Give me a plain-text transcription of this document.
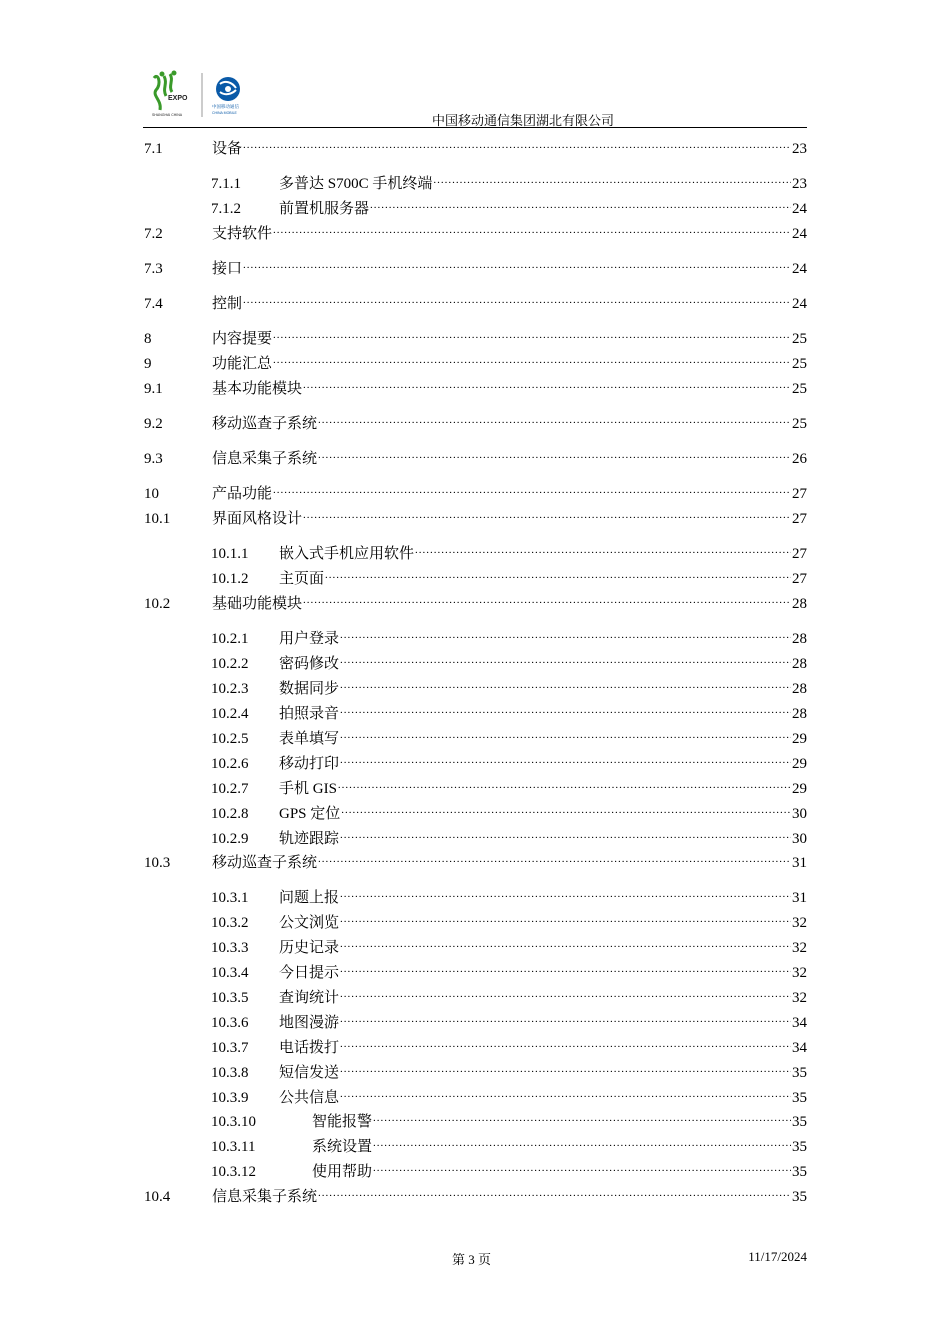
EXPO
SHANGHAI CHINA
中国移动通信
CHINA MOBILE	中国移动通信集团湖北有限公司
7.1	设备 .....	23
7.1.1	多普达 S700C 手机终端 .....	23
7.1.2	前置机服务器 .....	24
7.2	支持软件 .....	24
7.3	接口 .....	24
7.4	控制 .....	24
8	内容提要 .....	25
9	功能汇总 .....	25
9.1	基本功能模块 .....	25
9.2	移动巡查子系统 .....	25
9.3	信息采集子系统 .....	26
10	产品功能 .....	27
10.1	界面风格设计 .....	27
10.1.1	嵌入式手机应用软件 .....	27
10.1.2	主页面 .....	27
10.2	基础功能模块 .....	28
10.2.1	用户登录 .....	28
10.2.2	密码修改 .....	28
10.2.3	数据同步 .....	28
10.2.4	拍照录音 .....	28
10.2.5	表单填写 .....	29
10.2.6	移动打印 .....	29
10.2.7	手机 GIS .....	29
10.2.8	GPS 定位 .....	30
10.2.9	轨迹跟踪 .....	30
10.3	移动巡查子系统 .....	31
10.3.1	问题上报 .....	31
10.3.2	公文浏览 .....	32
10.3.3	历史记录 .....	32
10.3.4	今日提示 .....	32
10.3.5	查询统计 .....	32
10.3.6	地图漫游 .....	34
10.3.7	电话拨打 .....	34
10.3.8	短信发送 .....	35
10.3.9	公共信息 .....	35
10.3.10	智能报警 .....	35
10.3.11	系统设置 .....	35
10.3.12	使用帮助 .....	35
10.4	信息采集子系统 .....	35
第 3 页	11/17/2024
